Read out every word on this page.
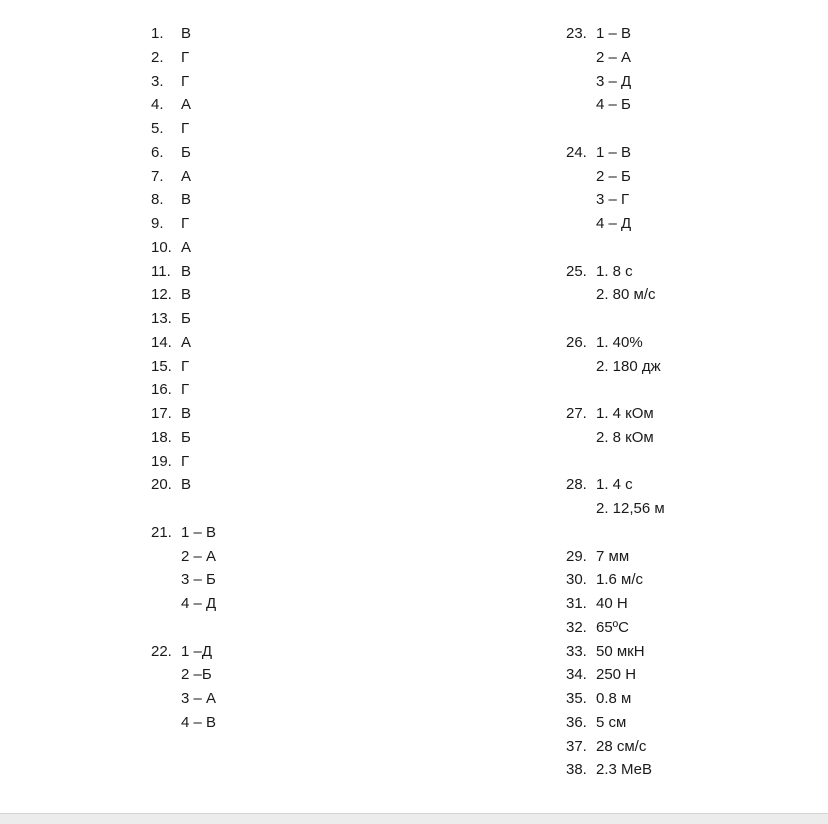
1. В
2. Г
3. Г
4. А
5. Г
6. Б
7. А
8. В
9. Г
10. А
11. В
12. В
13. Б
14. А
15. Г
16. Г
17. В
18. Б
19. Г
20. В
21. 1 – В
2 – А
3 – Б
4 – Д
22. 1 –Д
2 –Б
3 – А
4 – В
23. 1 – В
2 – А
3 – Д
4 – Б
24. 1 – В
2 – Б
3 – Г
4 – Д
25. 1. 8 с
2. 80 м/с
26. 1. 40%
2. 180 дж
27. 1. 4 кОм
2. 8 кОм
28. 1. 4 с
2. 12,56 м
29. 7 мм
30.1.6 м/с
31. 40 Н
32. 65ºC
33. 50 мкН
34. 250 Н
35. 0.8 м
36. 5 см
37. 28 см/с
38. 2.3 МеВ
